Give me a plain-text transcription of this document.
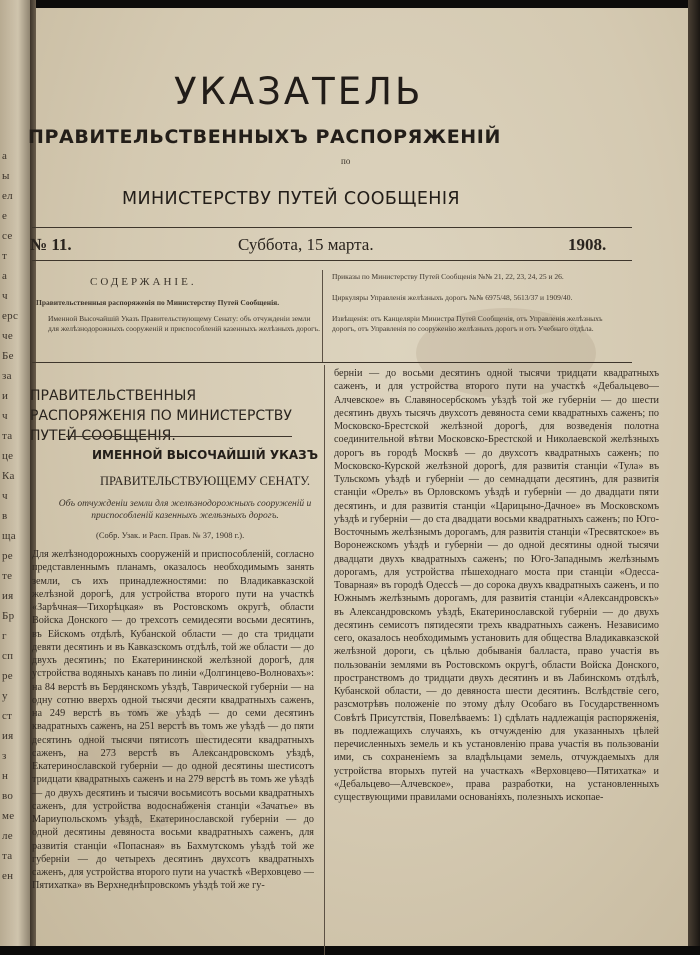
a
ы
ел
e
се
т
а
ч
ерс
че
Бе
за
и
ч
та
це
Ка
ч
в
ща
pe
те
ия
Бр
г
сп
ре
у
ст
ия
з
н
во
ме
ле
та
ен
УКАЗАТЕЛЬ
ПРАВИТЕЛЬСТВЕННЫХЪ РАСПОРЯЖЕНІЙ
по
МИНИСТЕРСТВУ ПУТЕЙ СООБЩЕНІЯ
№ 11.	Суббота, 15 марта.	1908.
СОДЕРЖАНІЕ.
Правительственныя распоряженія по Министерству Путей Сообщенія.
Именной Высочайшій Указъ Правительствующему Сенату: объ отчужденіи земли для желѣзнодорожныхъ сооруженій и приспособленій казенныхъ желѣзныхъ дорогъ.
Приказы по Министерству Путей Сообщенія №№ 21, 22, 23, 24, 25 и 26.
Циркуляры Управленія желѣзныхъ дорогъ №№ 6975/48, 5613/37 и 1909/40.
Извѣщенія: отъ Канцеляріи Министра Путей Сообщенія, отъ Управленія желѣзныхъ дорогъ, отъ Управленія по сооруженію желѣзныхъ дорогъ и отъ Учебнаго отдѣла.
ПРАВИТЕЛЬСТВЕННЫЯ РАСПОРЯЖЕНІЯ ПО МИНИСТЕРСТВУ ПУТЕЙ СООБЩЕНІЯ.
ИМЕННОЙ ВЫСОЧАЙШІЙ УКАЗЪ
ПРАВИТЕЛЬСТВУЮЩЕМУ СЕНАТУ.
Объ отчужденіи земли для желѣзнодорожныхъ сооруженій и приспособленій казенныхъ желѣзныхъ дорогъ.
(Собр. Узак. и Расп. Прав. № 37, 1908 г.).
Для желѣзнодорожныхъ сооруженій и приспособленій, согласно представленнымъ планамъ, оказалось необходимымъ занять земли, съ ихъ принадлежностями: по Владикавказской желѣзной дорогѣ, для устройства второго пути на участкѣ «Зарѣчная—Тихорѣцкая» въ Ростовскомъ округѣ, области Войска Донского — до трехсотъ семидесяти восьми десятинъ, въ Ейскомъ отдѣлѣ, Кубанской области — до ста тридцати девяти десятинъ и въ Кавказскомъ отдѣлѣ, той же области — до двухъ десятинъ; по Екатерининской желѣзной дорогѣ, для устройства водяныхъ канавъ по линіи «Долгинцево-Волновахъ»: на 84 верстѣ въ Бердянскомъ уѣздѣ, Таврической губерніи — на одну сотню вверхъ одной тысячи десяти квадратныхъ саженъ, на 249 верстѣ въ томъ же уѣздѣ — до семи десятинъ квадратныхъ саженъ, на 251 верстѣ въ томъ же уѣздѣ — до пяти десятинъ одной тысячи пятисотъ шестидесяти квадратныхъ саженъ, на 273 верстѣ въ Александровскомъ уѣздѣ, Екатеринославской губерніи — до одной десятины шестисотъ тридцати квадратныхъ саженъ и на 279 верстѣ въ томъ же уѣздѣ — до двухъ десятинъ и тысячи восьмисотъ восьми квадратныхъ саженъ, для устройства водоснабженія станціи «Зачатье» въ Мариупольскомъ уѣздѣ, Екатеринославской губерніи — до одной десятины девяноста восьми квадратныхъ саженъ, для развитія станціи «Попасная» въ Бахмутскомъ уѣздѣ той же губерніи — до четырехъ десятинъ двухсотъ квадратныхъ саженъ, для устройства второго пути на участкѣ «Верховцево — Пятихатка» въ Верхнеднѣпровскомъ уѣздѣ той же гу-
берніи — до восьми десятинъ одной тысячи тридцати квадратныхъ саженъ, и для устройства второго пути на участкѣ «Дебальцево—Алчевское» въ Славяносербскомъ уѣздѣ той же губерніи — до шести десятинъ двухъ тысячъ двухсотъ девяноста семи квадратныхъ саженъ; по Московско-Брестской желѣзной дорогѣ, для возведенія полотна соединительной вѣтви Московско-Брестской и Николаевской желѣзныхъ дорогъ въ городѣ Москвѣ — до двухсотъ квадратныхъ саженъ; по Московско-Курской желѣзной дорогѣ, для развитія станціи «Тула» въ Тульскомъ уѣздѣ и губерніи — до семнадцати десятинъ, для развитія станціи «Орелъ» въ Орловскомъ уѣздѣ и губерніи — до двадцати пяти десятинъ, и для развитія станціи «Царицыно-Дачное» въ Московскомъ уѣздѣ и губерніи — до ста двадцати восьми квадратныхъ саженъ; по Юго-Восточнымъ желѣзнымъ дорогамъ, для развитія станціи «Тресвятское» въ Воронежскомъ уѣздѣ и губерніи — до одной десятины одной тысячи двадцати двухъ квадратныхъ саженъ; по Юго-Западнымъ желѣзнымъ дорогамъ, для устройства пѣшеходнаго моста при станціи «Одесса-Товарная» въ городѣ Одессѣ — до сорока двухъ квадратныхъ саженъ, и по Южнымъ желѣзнымъ дорогамъ, для развитія станціи «Александровскъ» въ Александровскомъ уѣздѣ, Екатеринославской губерніи — до двухъ десятинъ семисотъ пятидесяти трехъ квадратныхъ саженъ. Независимо сего, оказалось необходимымъ установить для общества Владикавказской желѣзной дороги, съ цѣлью добыванія балласта, право участія въ пользованіи землями въ Ростовскомъ округѣ, области Войска Донского, пространствомъ до тридцати двухъ десятинъ и въ Лабинскомъ отдѣлѣ, Кубанской области, — до девяноста шести десятинъ. Вслѣдствіе сего, разсмотрѣвъ положеніе по этому дѣлу Особаго въ Государственномъ Совѣтѣ Присутствія, Повелѣваемъ: 1) сдѣлать надлежащія распоряженія, въ подлежащихъ случаяхъ, къ отчужденію для указанныхъ цѣлей перечисленныхъ земель и къ установленію права участія въ пользованіи ими, съ сохраненіемъ за владѣльцами земель, отчуждаемыхъ для устройства вторыхъ путей на участкахъ «Верховцево—Пятихатка» и «Дебальцево—Алчевское», права разработки, на установленныхъ существующими правилами основаніяхъ, полезныхъ ископае-
